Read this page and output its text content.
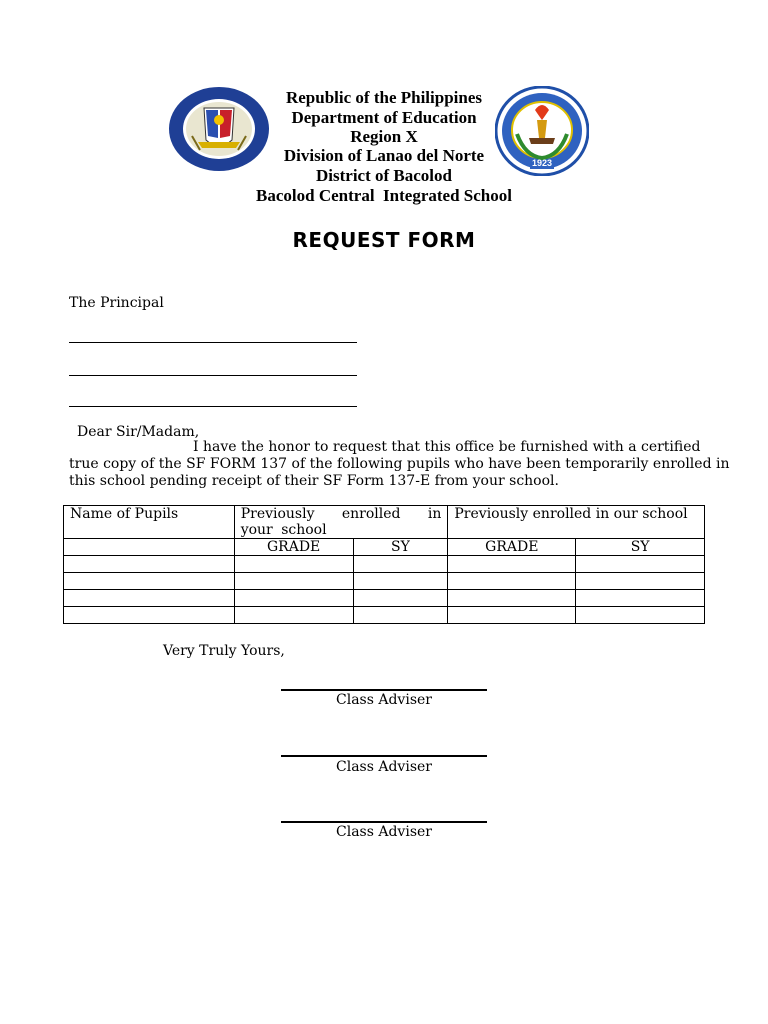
1923
Republic of the Philippines
Department of Education
Region X
Division of Lanao del Norte
District of Bacolod
Bacolod Central  Integrated School
REQUEST FORM
The Principal
Dear Sir/Madam,
I have the honor to request that this office be furnished with a certified
true copy of the SF FORM 137 of the following pupils who have been temporarily enrolled in
this school pending receipt of their SF Form 137-E from your school.
Name of Pupils	Previously enrolled in your school		Previously enrolled in our school	
	GRADE	SY	GRADE	SY

Very Truly Yours,
Class Adviser
Class Adviser
Class Adviser
